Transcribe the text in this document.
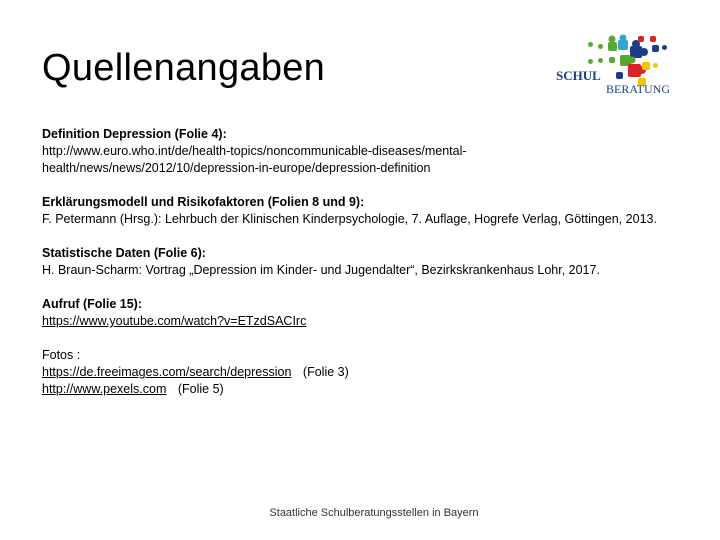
Quellenangaben	SCHUL
BERATUNG

Definition Depression (Folie 4):

http://www.euro.who.int/de/health-topics/noncommunicable-diseases/mental-health/news/news/2012/10/depression-in-europe/depression-definition

Erklärungsmodell und Risikofaktoren (Folien 8 und 9):

F. Petermann (Hrsg.): Lehrbuch der Klinischen Kinderpsychologie, 7. Auflage, Hogrefe Verlag, Göttingen, 2013.

Statistische Daten (Folie 6):

H. Braun-Scharm: Vortrag „Depression im Kinder- und Jugendalter“, Bezirkskrankenhaus Lohr, 2017.

Aufruf (Folie 15):

https://www.youtube.com/watch?v=ETzdSACIrc

Fotos :

https://de.freeimages.com/search/depression (Folie 3)

http://www.pexels.com (Folie 5)

Staatliche Schulberatungsstellen in Bayern
